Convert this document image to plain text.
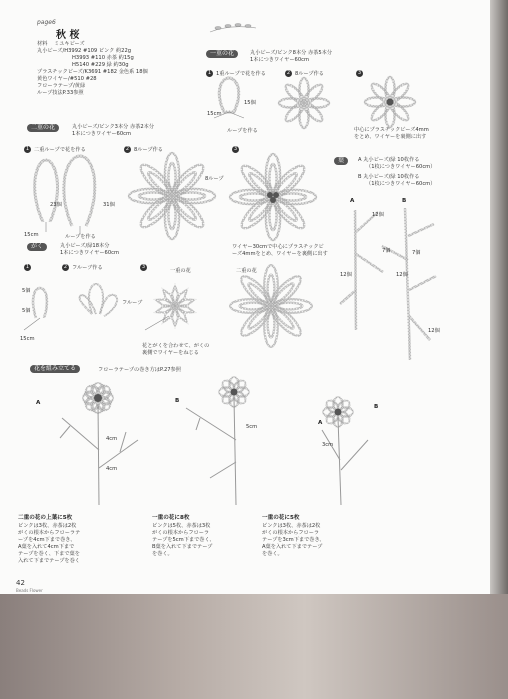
page6
秋 桜
材料 ミユキビーズ
丸小ビーズ/H3992 #109 ピンク 約22g
H3993 #110 赤茶 約15g
H5140 #229 緑 約30g
プラスチックビーズ/K3691 #182 金色系 18個
黄色ワイヤー/#510 #28
フローラテープ/黄緑
ループ技法P.33参照
一重の花	丸小ビーズ/ピンク8本分 赤茶5本分
1本につきワイヤー60cm
1 1重ループで花を作る	2 8ループ作る	3
15個
15cm
ループを作る	中心にプラスチックビーズ4mm
をとめ、ワイヤーを裏側に出す
二重の花	丸小ビーズ/ピンク3本分 赤茶2本分
1本につきワイヤー60cm
1 二重ループで花を作る	2 8ループ作る	3
23個	31個
15cm	ループを作る
8ループ
ワイヤー30cmで中心にプラスチックビ
ーズ4mmをとめ、ワイヤーを裏側に出す
がく	丸小ビーズ/緑18本分
1本につきワイヤー60cm
1	2 フルーブ作る	3
5個
5個
15cm
フルーブ
一重の花	二重の花
花とがくを合わせて、がくの
裏側でワイヤーをねじる
葉	A 丸小ビーズ/緑 10枚作る
（1枚につきワイヤー60cm）
B 丸小ビーズ/緑 10枚作る
（1枚につきワイヤー60cm）
A	B
12個
7個	7個
12個	12個
12個
花を組み立てる	フローラテープの巻き方はP.27参照
A
4cm
4cm
B
5cm
A
B
3cm
二重の花の上葉に5枚
ピンクは3枚、赤茶は2枚
がくの根本からフローラテ
ープを4cm下まで巻き、
A葉を入れて4cm下まで
テープを巻く、下まで葉を
入れて下までテープを巻く
一重の花に8枚
ピンクは5枚、赤茶は3枚
がくの根本からフローラ
テープを5cm下まで巻く、
B葉を入れて下までテープ
を巻く。
一重の花に5枚
ピンクは3枚、赤茶は2枚
がくの根本からフローラ
テープを3cm下まで巻き、
A葉を入れて下までテープ
を巻く。
42
Beads Flower
